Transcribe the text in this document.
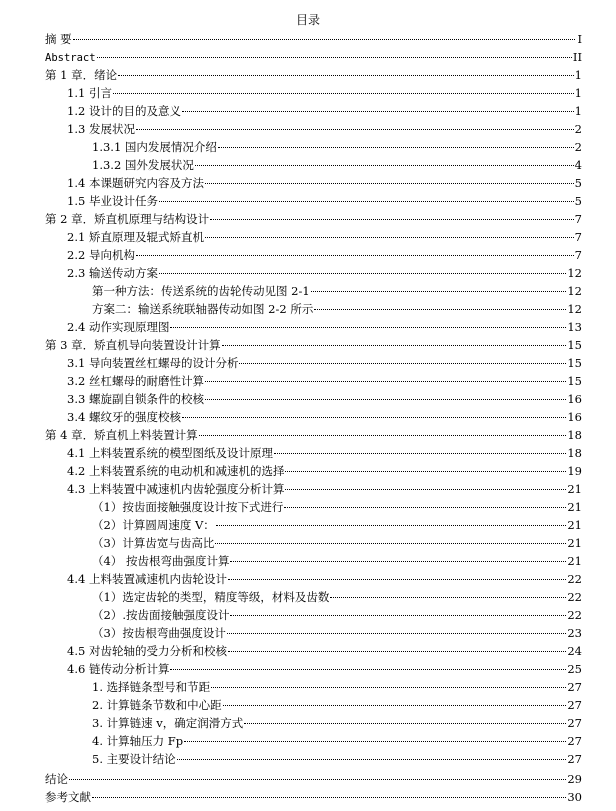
目录
摘 要	I
Abstract	II
第 1 章．绪论	1
1.1 引言	1
1.2 设计的目的及意义	1
1.3 发展状况	2
1.3.1 国内发展情况介绍	2
1.3.2 国外发展状况	4
1.4 本课题研究内容及方法	5
1.5 毕业设计任务	5
第 2 章．矫直机原理与结构设计	7
2.1 矫直原理及辊式矫直机	7
2.2 导向机构	7
2.3 输送传动方案	12
第一种方法：传送系统的齿轮传动见图 2-1	12
方案二：输送系统联轴器传动如图 2-2 所示	12
2.4 动作实现原理图	13
第 3 章．矫直机导向装置设计计算	15
3.1 导向装置丝杠螺母的设计分析	15
3.2 丝杠螺母的耐磨性计算	15
3.3 螺旋副自锁条件的校核	16
3.4 螺纹牙的强度校核	16
第 4 章．矫直机上料装置计算	18
4.1 上料装置系统的模型图纸及设计原理	18
4.2 上料装置系统的电动机和减速机的选择	19
4.3 上料装置中减速机内齿轮强度分析计算	21
（1）按齿面接触强度设计按下式进行	21
（2）计算圆周速度 V：	21
（3）计算齿宽与齿高比	21
（4） 按齿根弯曲强度计算	21
4.4 上料装置减速机内齿轮设计	22
（1）选定齿轮的类型，精度等级，材料及齿数	22
（2）.按齿面接触强度设计	22
（3）按齿根弯曲强度设计	23
4.5 对齿轮轴的受力分析和校核	24
4.6 链传动分析计算	25
1. 选择链条型号和节距	27
2. 计算链条节数和中心距	27
3. 计算链速 v，确定润滑方式	27
4. 计算轴压力 Fp	27
5. 主要设计结论	27
结论	29
参考文献	30
